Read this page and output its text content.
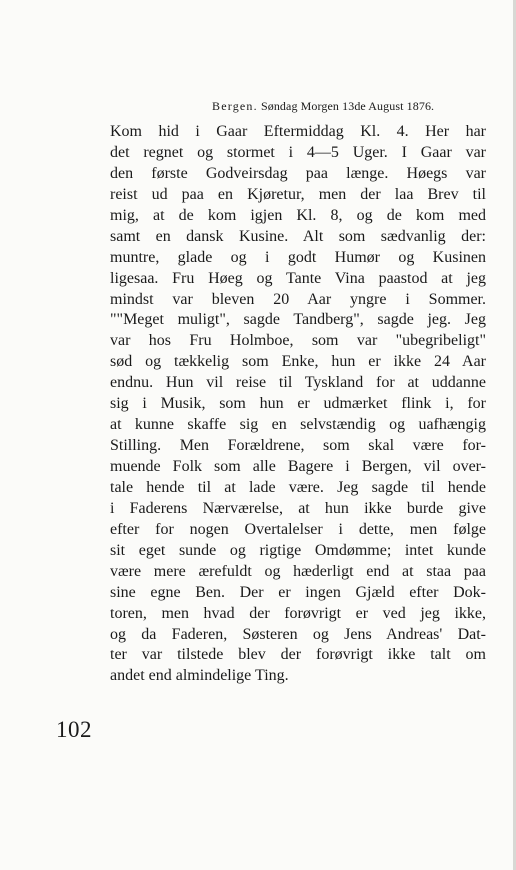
Bergen. Søndag Morgen 13de August 1876.
Kom hid i Gaar Eftermiddag Kl. 4. Her har
det regnet og stormet i 4—5 Uger. I Gaar var
den første Godveirsdag paa længe. Høegs var
reist ud paa en Kjøretur, men der laa Brev til
mig, at de kom igjen Kl. 8, og de kom med
samt en dansk Kusine. Alt som sædvanlig der:
muntre, glade og i godt Humør og Kusinen
ligesaa. Fru Høeg og Tante Vina paastod at jeg
mindst var bleven 20 Aar yngre i Sommer.
""Meget muligt", sagde Tandberg", sagde jeg. Jeg
var hos Fru Holmboe, som var "ubegribeligt"
sød og tækkelig som Enke, hun er ikke 24 Aar
endnu. Hun vil reise til Tyskland for at uddanne
sig i Musik, som hun er udmærket flink i, for
at kunne skaffe sig en selvstændig og uafhængig
Stilling. Men Forældrene, som skal være for-
muende Folk som alle Bagere i Bergen, vil over-
tale hende til at lade være. Jeg sagde til hende
i Faderens Nærværelse, at hun ikke burde give
efter for nogen Overtalelser i dette, men følge
sit eget sunde og rigtige Omdømme; intet kunde
være mere ærefuldt og hæderligt end at staa paa
sine egne Ben. Der er ingen Gjæld efter Dok-
toren, men hvad der forøvrigt er ved jeg ikke,
og da Faderen, Søsteren og Jens Andreas' Dat-
ter var tilstede blev der forøvrigt ikke talt om
andet end almindelige Ting.
102
